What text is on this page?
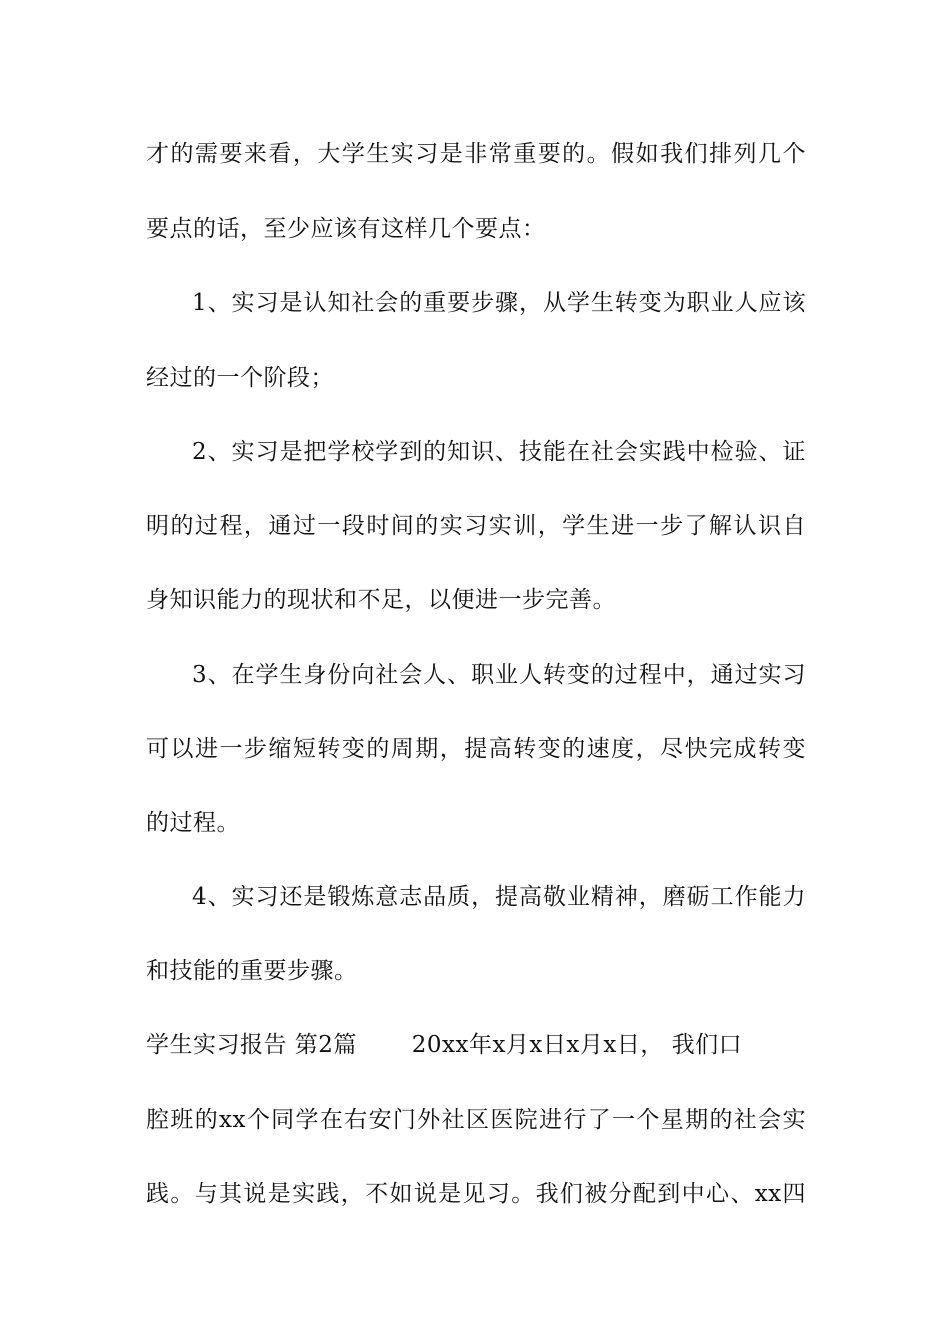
才的需要来看，大学生实习是非常重要的。假如我们排列几个
要点的话，至少应该有这样几个要点：
1、实习是认知社会的重要步骤，从学生转变为职业人应该
经过的一个阶段；
2、实习是把学校学到的知识、技能在社会实践中检验、证
明的过程，通过一段时间的实习实训，学生进一步了解认识自
身知识能力的现状和不足，以便进一步完善。
3、在学生身份向社会人、职业人转变的过程中，通过实习
可以进一步缩短转变的周期，提高转变的速度，尽快完成转变
的过程。
4、实习还是锻炼意志品质，提高敬业精神，磨砺工作能力
和技能的重要步骤。
学生实习报告 第2篇　　 20xx年x月x日x月x日， 我们口
腔班的xx个同学在右安门外社区医院进行了一个星期的社会实
践。与其说是实践，不如说是见习。我们被分配到中心、xx四
